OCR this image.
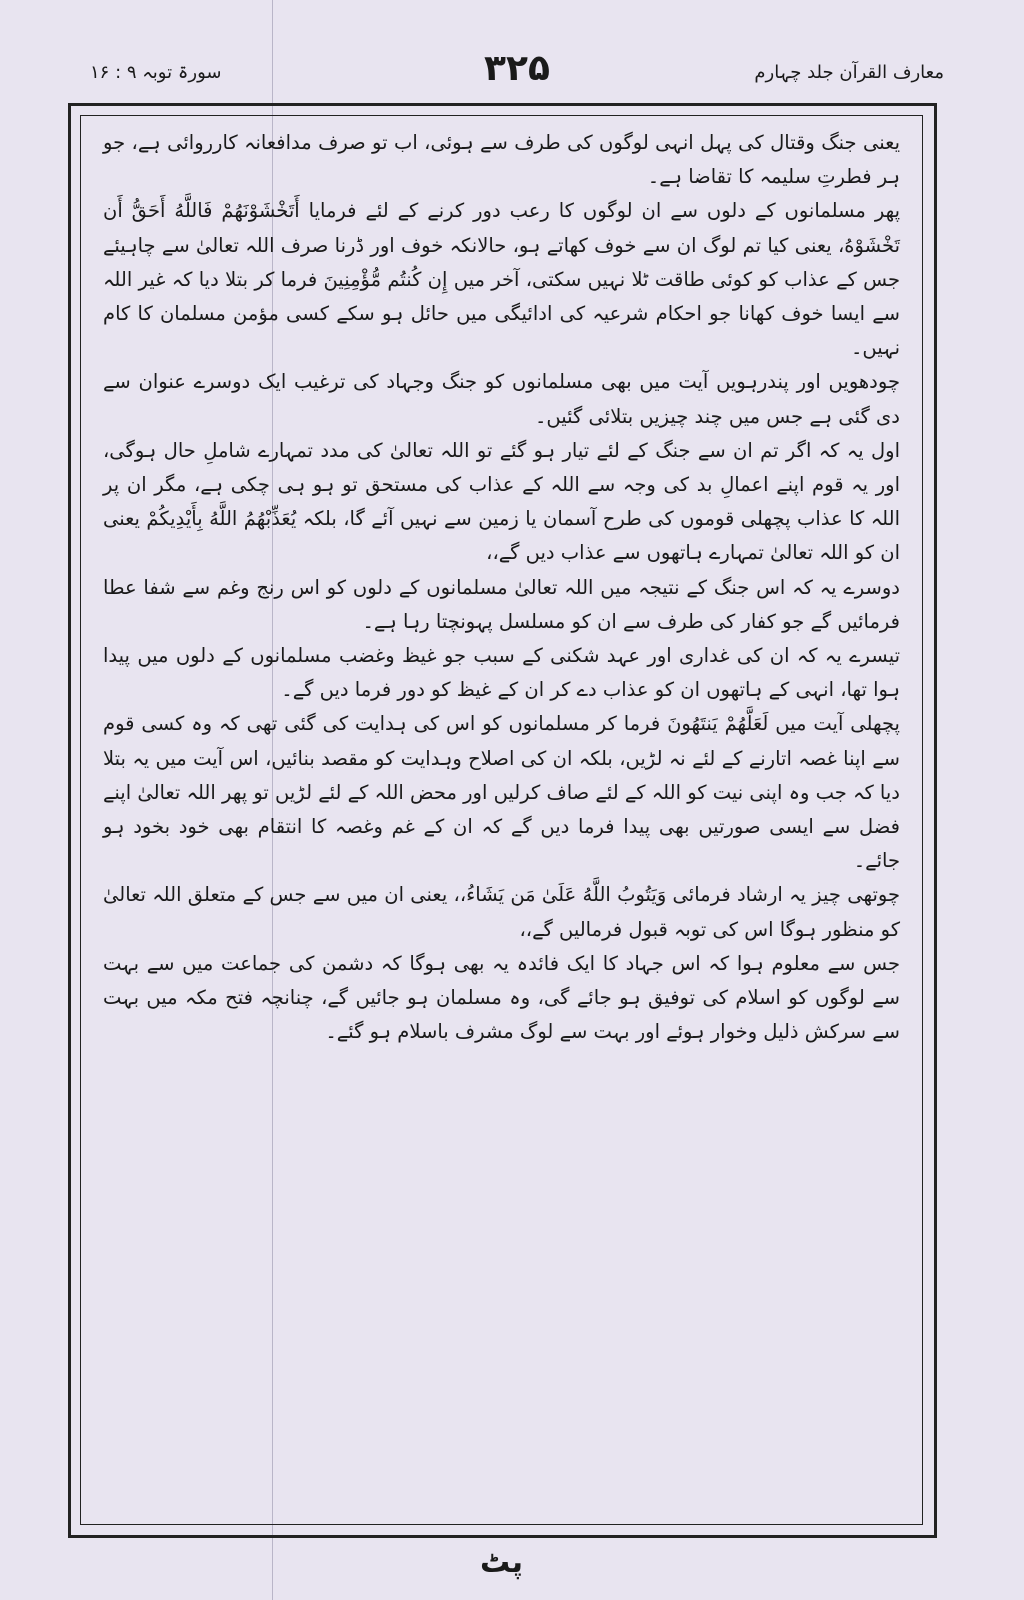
معارف القرآن جلد چہارم
۳۲۵
سورۃ توبہ ۹ : ۱۶

یعنی جنگ وقتال کی پہل انہی لوگوں کی طرف سے ہوئی، اب تو صرف مدافعانہ کارروائی ہے، جو ہر فطرتِ سلیمہ کا تقاضا ہے۔

پھر مسلمانوں کے دلوں سے ان لوگوں کا رعب دور کرنے کے لئے فرمایا أَتَخْشَوْنَهُمْ فَاللَّهُ أَحَقُّ أَن تَخْشَوْهُ، یعنی کیا تم لوگ ان سے خوف کھاتے ہو، حالانکہ خوف اور ڈرنا صرف اللہ تعالیٰ سے چاہیئے جس کے عذاب کو کوئی طاقت ٹلا نہیں سکتی، آخر میں إِن كُنتُم مُّؤْمِنِينَ فرما کر بتلا دیا کہ غیر اللہ سے ایسا خوف کھانا جو احکام شرعیہ کی ادائیگی میں حائل ہو سکے کسی مؤمن مسلمان کا کام نہیں۔

چودھویں اور پندرہویں آیت میں بھی مسلمانوں کو جنگ وجہاد کی ترغیب ایک دوسرے عنوان سے دی گئی ہے جس میں چند چیزیں بتلائی گئیں۔

اول یہ کہ اگر تم ان سے جنگ کے لئے تیار ہو گئے تو اللہ تعالیٰ کی مدد تمہارے شاملِ حال ہوگی، اور یہ قوم اپنے اعمالِ بد کی وجہ سے اللہ کے عذاب کی مستحق تو ہو ہی چکی ہے، مگر ان پر اللہ کا عذاب پچھلی قوموں کی طرح آسمان یا زمین سے نہیں آئے گا، بلکہ يُعَذِّبْهُمُ اللَّهُ بِأَيْدِيكُمْ یعنی ان کو اللہ تعالیٰ تمہارے ہاتھوں سے عذاب دیں گے،،

دوسرے یہ کہ اس جنگ کے نتیجہ میں اللہ تعالیٰ مسلمانوں کے دلوں کو اس رنج وغم سے شفا عطا فرمائیں گے جو کفار کی طرف سے ان کو مسلسل پہونچتا رہا ہے۔

تیسرے یہ کہ ان کی غداری اور عہد شکنی کے سبب جو غیظ وغضب مسلمانوں کے دلوں میں پیدا ہوا تھا، انہی کے ہاتھوں ان کو عذاب دے کر ان کے غیظ کو دور فرما دیں گے۔

پچھلی آیت میں لَعَلَّهُمْ يَنتَهُونَ فرما کر مسلمانوں کو اس کی ہدایت کی گئی تھی کہ وہ کسی قوم سے اپنا غصہ اتارنے کے لئے نہ لڑیں، بلکہ ان کی اصلاح وہدایت کو مقصد بنائیں، اس آیت میں یہ بتلا دیا کہ جب وہ اپنی نیت کو اللہ کے لئے صاف کرلیں اور محض اللہ کے لئے لڑیں تو پھر اللہ تعالیٰ اپنے فضل سے ایسی صورتیں بھی پیدا فرما دیں گے کہ ان کے غم وغصہ کا انتقام بھی خود بخود ہو جائے۔

چوتھی چیز یہ ارشاد فرمائی وَيَتُوبُ اللَّهُ عَلَىٰ مَن يَشَاءُ،، یعنی ان میں سے جس کے متعلق اللہ تعالیٰ کو منظور ہوگا اس کی توبہ قبول فرمالیں گے،،

جس سے معلوم ہوا کہ اس جہاد کا ایک فائدہ یہ بھی ہوگا کہ دشمن کی جماعت میں سے بہت سے لوگوں کو اسلام کی توفیق ہو جائے گی، وہ مسلمان ہو جائیں گے، چنانچہ فتح مکہ میں بہت سے سرکش ذلیل وخوار ہوئے اور بہت سے لوگ مشرف باسلام ہو گئے۔

پٹ
